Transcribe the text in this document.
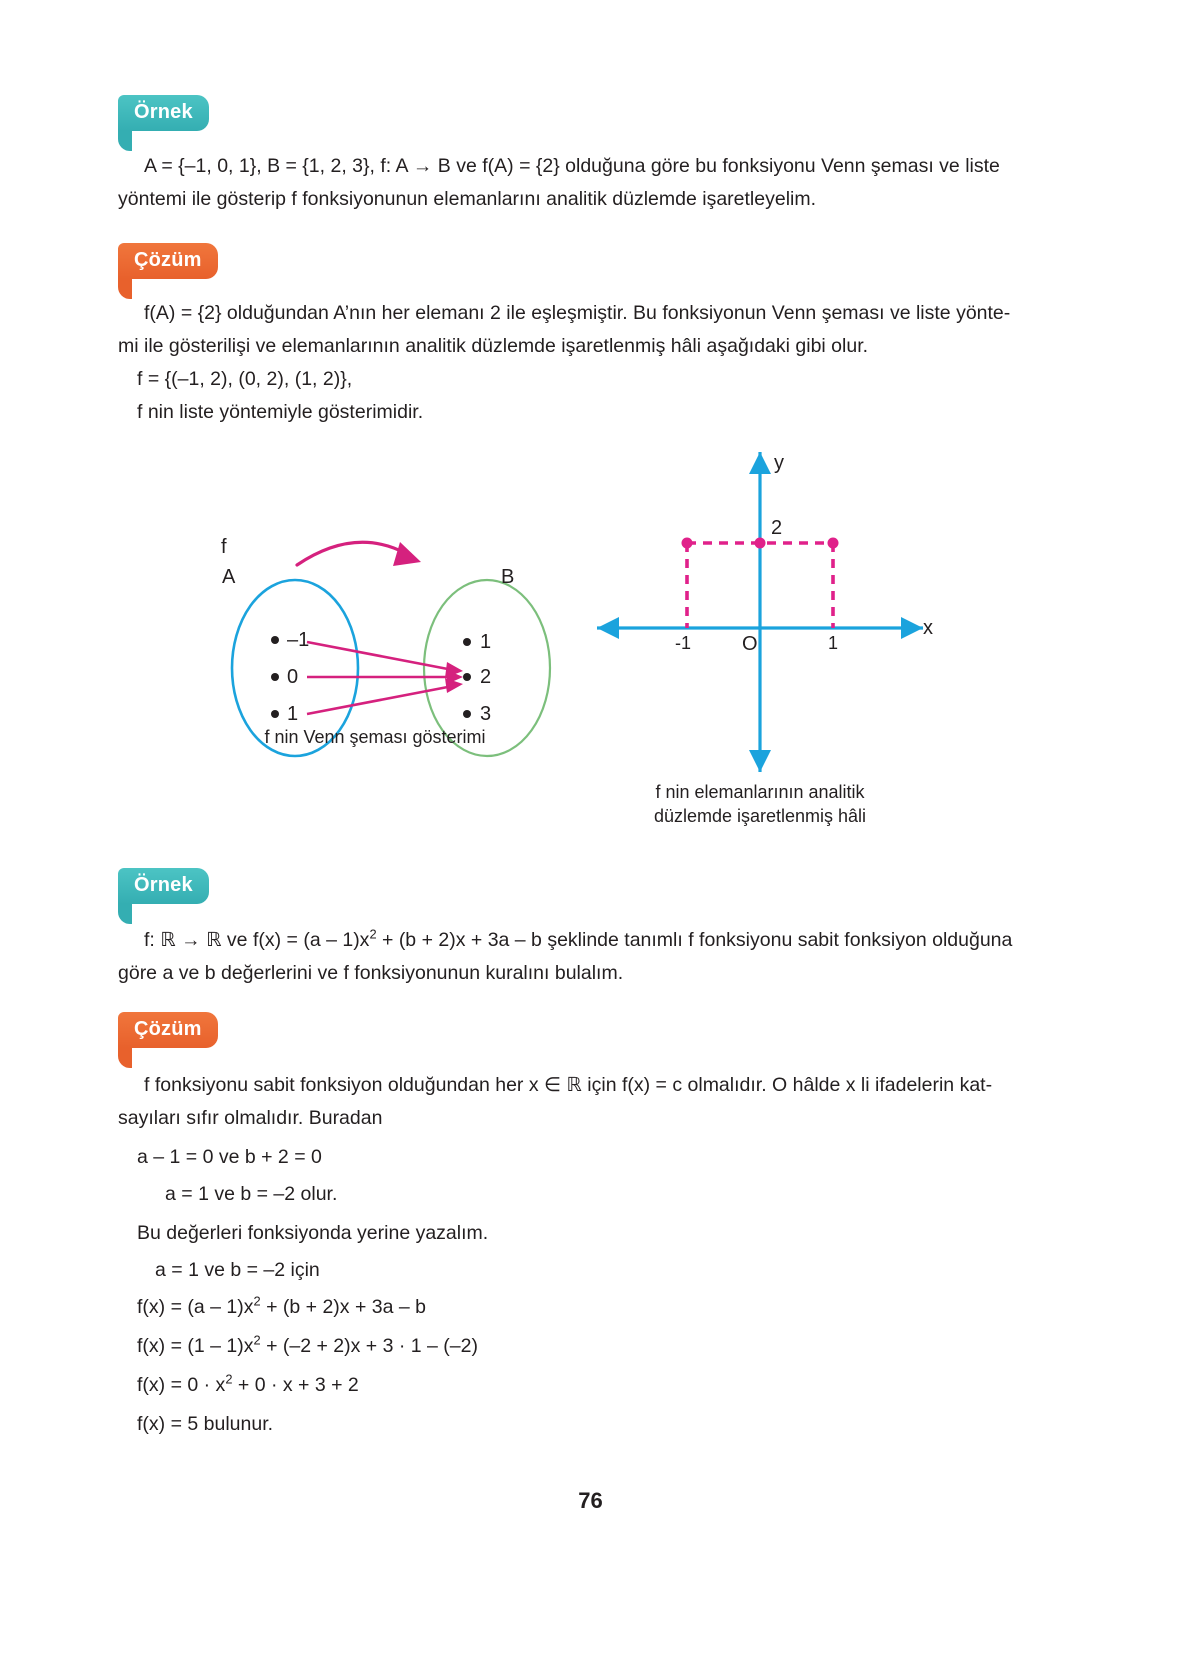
Örnek
A = {–1, 0, 1}, B = {1, 2, 3}, f: A → B ve f(A) = {2} olduğuna göre bu fonksiyonu Venn şeması ve liste
yöntemi ile gösterip f fonksiyonunun elemanlarını analitik düzlemde işaretleyelim.
Çözüm
f(A) = {2} olduğundan A’nın her elemanı 2 ile eşleşmiştir. Bu fonksiyonun Venn şeması ve liste yönte-
mi ile gösterilişi ve elemanlarının analitik düzlemde işaretlenmiş hâli aşağıdaki gibi olur.
f = {(–1, 2), (0, 2), (1, 2)},
f nin liste yöntemiyle gösterimidir.
f
A	B
–1
0
1
1
2
3
f nin Venn şeması gösterimi
y
x
O
-1	1
2
f nin elemanlarının analitik
düzlemde işaretlenmiş hâli
Örnek
f: ℝ → ℝ ve $f(x) = (a - 1)x^2 + (b + 2)x + 3a - b$ şeklinde tanımlı f fonksiyonu sabit fonksiyon olduğuna
göre a ve b değerlerini ve f fonksiyonunun kuralını bulalım.
Çözüm
f fonksiyonu sabit fonksiyon olduğundan her x ∈ ℝ için f(x) = c olmalıdır. O hâlde x li ifadelerin kat-
sayıları sıfır olmalıdır. Buradan
a – 1 = 0 ve b + 2 = 0
a = 1 ve b = –2 olur.
Bu değerleri fonksiyonda yerine yazalım.
a = 1 ve b = –2 için
$f(x) = (a - 1)x^2 + (b + 2)x + 3a - b$
$f(x) = (1 - 1)x^2 + (-2 + 2)x + 3 \cdot 1 - (-2)$
$f(x) = 0 \cdot x^2 + 0 \cdot x + 3 + 2$
f(x) = 5 bulunur.
76
